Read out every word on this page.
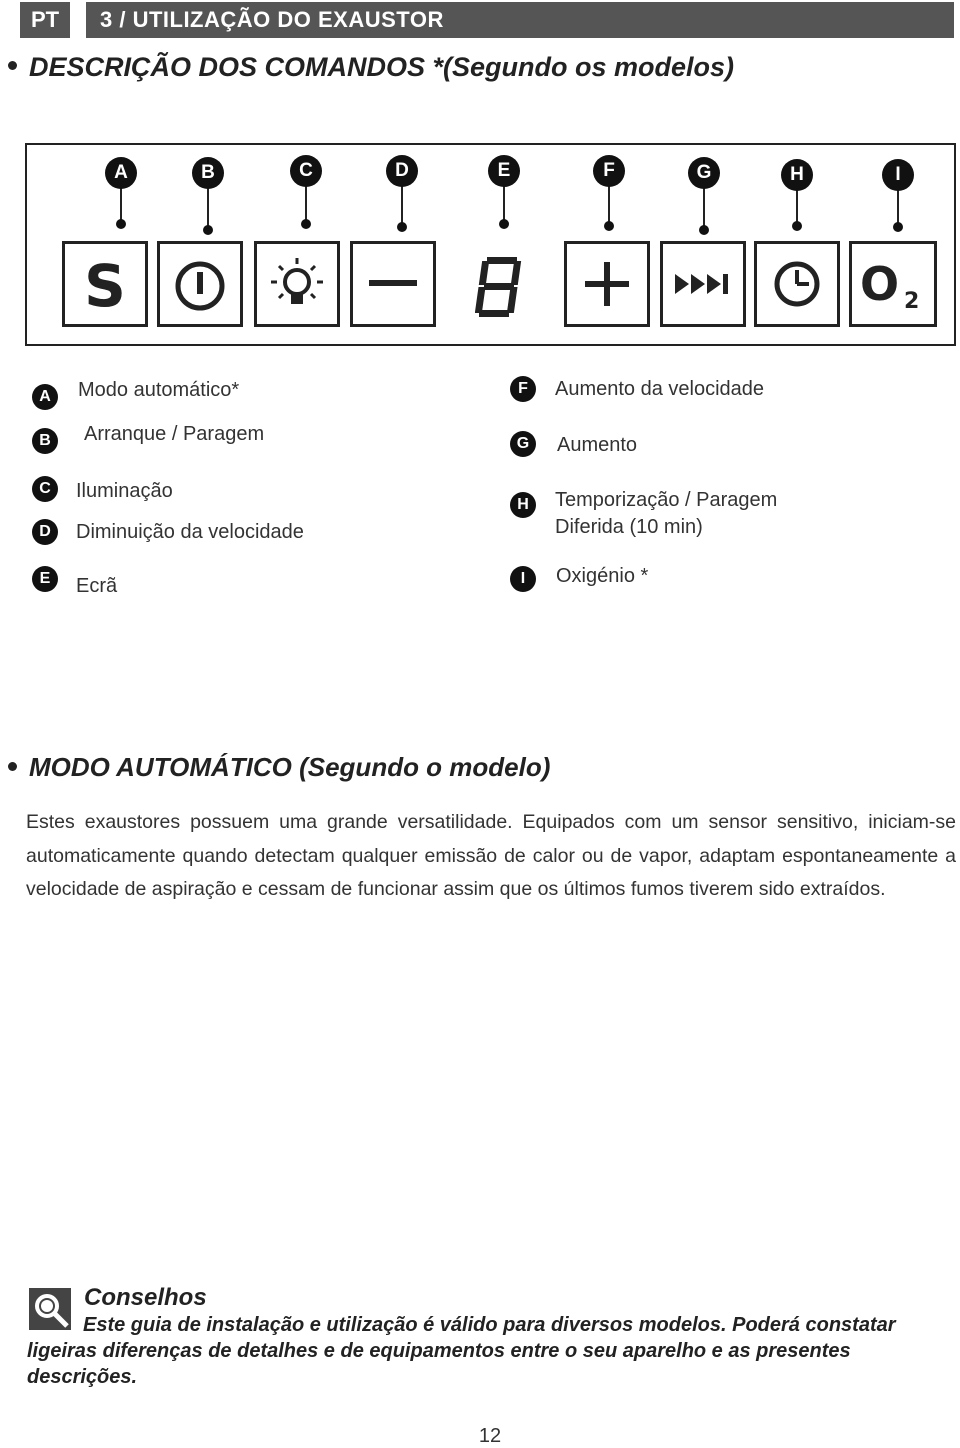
PT	3 / UTILIZAÇÃO DO EXAUSTOR
DESCRIÇÃO DOS COMANDOS *(Segundo os modelos)
A	B	C	D	E	F	G	H	I
S	O 2
A	Modo automático*
B	Arranque / Paragem
C	Iluminação
D	Diminuição da velocidade
E	Ecrã
F	Aumento da velocidade
G	Aumento
H	Temporização / Paragem
Diferida (10 min)
I	Oxigénio *
MODO AUTOMÁTICO (Segundo o modelo)
Estes exaustores possuem uma grande versatilidade. Equipados com um sensor sensitivo, iniciam-se automaticamente quando detectam qualquer emissão de calor ou de vapor, adaptam espontaneamente a velocidade de aspiração e cessam de funcionar assim que os últimos fumos tiverem sido extraídos.
Conselhos
Este guia de instalação e utilização é válido para diversos modelos. Poderá constatar ligeiras diferenças de detalhes e de equipamentos entre o seu aparelho e as presentes descrições.
12
